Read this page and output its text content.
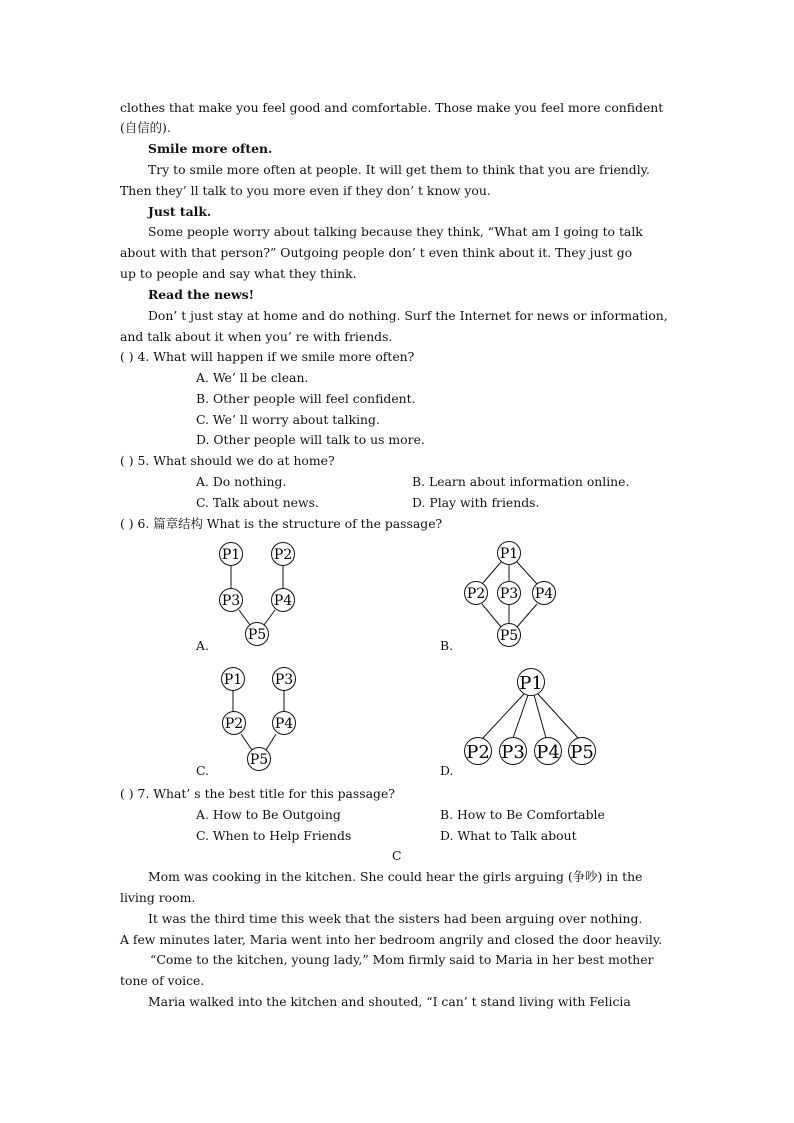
clothes that make you feel good and comfortable. Those make you feel more confident
(自信的).
Smile more often.
Try to smile more often at people. It will get them to think that you are friendly.
Then they’ ll talk to you more even if they don’ t know you.
Just talk.
Some people worry about talking because they think, “What am I going to talk
about with that person?” Outgoing people don’ t even think about it. They just go
up to people and say what they think.
Read the news!
Don’ t just stay at home and do nothing. Surf the Internet for news or information,
and talk about it when you’ re with friends.
( ) 4. What will happen if we smile more often?
A. We’ ll be clean.
B. Other people will feel confident.
C. We’ ll worry about talking.
D. Other people will talk to us more.
( ) 5. What should we do at home?
A. Do nothing.	B. Learn about information online.
C. Talk about news.	D. Play with friends.
( ) 6. 篇章结构 What is the structure of the passage?
P1 P2
P3 P4
P5
A.
P1
P2 P3 P4
P5
B.
P1 P3
P2 P4
P5
C.
P1
P2 P3 P4 P5
D.
( ) 7. What’ s the best title for this passage?
A. How to Be Outgoing	B. How to Be Comfortable
C. When to Help Friends	D. What to Talk about
C
Mom was cooking in the kitchen. She could hear the girls arguing (争吵) in the
living room.
It was the third time this week that the sisters had been arguing over nothing.
A few minutes later, Maria went into her bedroom angrily and closed the door heavily.
“Come to the kitchen, young lady,” Mom firmly said to Maria in her best mother
tone of voice.
Maria walked into the kitchen and shouted, “I can’ t stand living with Felicia
